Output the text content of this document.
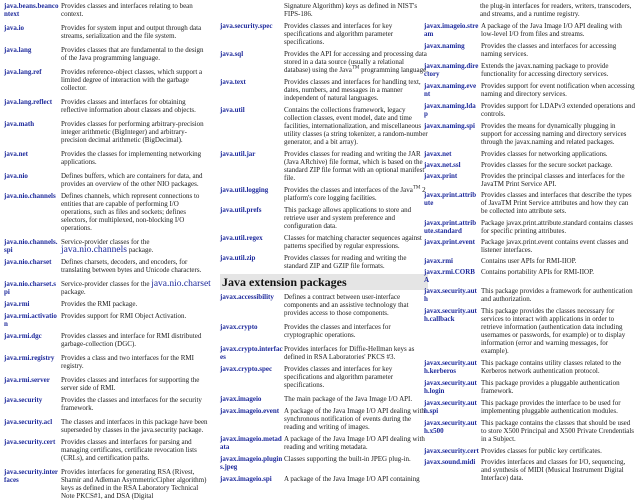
java.beans.beancontext
Provides classes and interfaces relating to bean context.
java.io	Provides for system input and output through data streams, serialization and the file system.
java.lang	Provides classes that are fundamental to the design of the Java programming language.
java.lang.ref	Provides reference-object classes, which support a limited degree of interaction with the garbage collector.
java.lang.reflect	Provides classes and interfaces for obtaining reflective information about classes and objects.
java.math	Provides classes for performing arbitrary-precision integer arithmetic (BigInteger) and arbitrary-precision decimal arithmetic (BigDecimal).
java.net	Provides the classes for implementing networking applications.
java.nio	Defines buffers, which are containers for data, and provides an overview of the other NIO packages.
java.nio.channels Defines channels, which represent connections to entities that are capable of performing I/O operations, such as files and sockets; defines selectors, for multiplexed, non-blocking I/O operations.
java.nio.channels.spi
Service-provider classes for the java.nio.channels package.
java.nio.charset	Defines charsets, decoders, and encoders, for translating between bytes and Unicode characters.
java.nio.charset.spi
Service-provider classes for the java.nio.charset package.
java.rmi	Provides the RMI package.
java.rmi.activation
Provides support for RMI Object Activation.
java.rmi.dgc	Provides classes and interface for RMI distributed garbage-collection (DGC).
java.rmi.registry Provides a class and two interfaces for the RMI registry.
java.rmi.server	Provides classes and interfaces for supporting the server side of RMI.
java.security	Provides the classes and interfaces for the security framework.
java.security.acl	The classes and interfaces in this package have been superseded by classes in the java.security package.
java.security.cert Provides classes and interfaces for parsing and managing certificates, certificate revocation lists (CRLs), and certification paths.
java.security.interfaces
Provides interfaces for generating RSA (Rivest, Shamir and Adleman AsymmetricCipher algorithm) keys as defined in the RSA Laboratory Technical Note PKCS#1, and DSA (Digital
Signature Algorithm) keys as defined in NIST's FIPS-186.
java.security.spec	Provides classes and interfaces for key specifications and algorithm parameter specifications.
java.sql	Provides the API for accessing and processing data stored in a data source (usually a relational database) using the Java™ programming language.
java.text	Provides classes and interfaces for handling text, dates, numbers, and messages in a manner independent of natural languages.
java.util	Contains the collections framework, legacy collection classes, event model, date and time facilities, internationalization, and miscellaneous utility classes (a string tokenizer, a random-number generator, and a bit array).
java.util.jar	Provides classes for reading and writing the JAR (Java ARchive) file format, which is based on the standard ZIP file format with an optional manifest file.
java.util.logging	Provides the classes and interfaces of the Java™ 2 platform's core logging facilities.
java.util.prefs	This package allows applications to store and retrieve user and system preference and configuration data.
java.util.regex	Classes for matching character sequences against patterns specified by regular expressions.
java.util.zip	Provides classes for reading and writing the standard ZIP and GZIP file formats.
Java extension packages
javax.accessibility	Defines a contract between user-interface components and an assistive technology that provides access to those components.
javax.crypto	Provides the classes and interfaces for cryptographic operations.
javax.crypto.interfaces
Provides interfaces for Diffie-Hellman keys as defined in RSA Laboratories' PKCS #3.
javax.crypto.spec	Provides classes and interfaces for key specifications and algorithm parameter specifications.
javax.imageio	The main package of the Java Image I/O API.
javax.imageio.event A package of the Java Image I/O API dealing with synchronous notification of events during the reading and writing of images.
javax.imageio.metadata
A package of the Java Image I/O API dealing with reading and writing metadata.
javax.imageio.plugins.jpeg
Classes supporting the built-in JPEG plug-in.
javax.imageio.spi	A package of the Java Image I/O API containing
the plug-in interfaces for readers, writers, transcoders, and streams, and a runtime registry.
javax.imageio.stream
A package of the Java Image I/O API dealing with low-level I/O from files and streams.
javax.naming	Provides the classes and interfaces for accessing naming services.
javax.naming.directory
Extends the javax.naming package to provide functionality for accessing directory services.
javax.naming.event
Provides support for event notification when accessing naming and directory services.
javax.naming.ldap
Provides support for LDAPv3 extended operations and controls.
javax.naming.spi Provides the means for dynamically plugging in support for accessing naming and directory services through the javax.naming and related packages.
javax.net	Provides classes for networking applications.
javax.net.ssl	Provides classes for the secure socket package.
javax.print	Provides the principal classes and interfaces for the JavaTM Print Service API.
javax.print.attribute
Provides classes and interfaces that describe the types of JavaTM Print Service attributes and how they can be collected into attribute sets.
javax.print.attribute.standard
Package javax.print.attribute.standard contains classes for specific printing attributes.
javax.print.event Package javax.print.event contains event classes and listener interfaces.
javax.rmi	Contains user APIs for RMI-IIOP.
javax.rmi.CORBA
Contains portability APIs for RMI-IIOP.
javax.security.auth
This package provides a framework for authentication and authorization.
javax.security.auth.callback
This package provides the classes necessary for services to interact with applications in order to retrieve information (authentication data including usernames or passwords, for example) or to display information (error and warning messages, for example).
javax.security.auth.kerberos
This package contains utility classes related to the Kerberos network authentication protocol.
javax.security.auth.login
This package provides a pluggable authentication framework.
javax.security.auth.spi
This package provides the interface to be used for implementing pluggable authentication modules.
javax.security.auth.x500
This package contains the classes that should be used to store X500 Principal and X500 Private Crendentials in a Subject.
javax.security.cert Provides classes for public key certificates.
javax.sound.midi Provides interfaces and classes for I/O, sequencing, and synthesis of MIDI (Musical Instrument Digital Interface) data.
